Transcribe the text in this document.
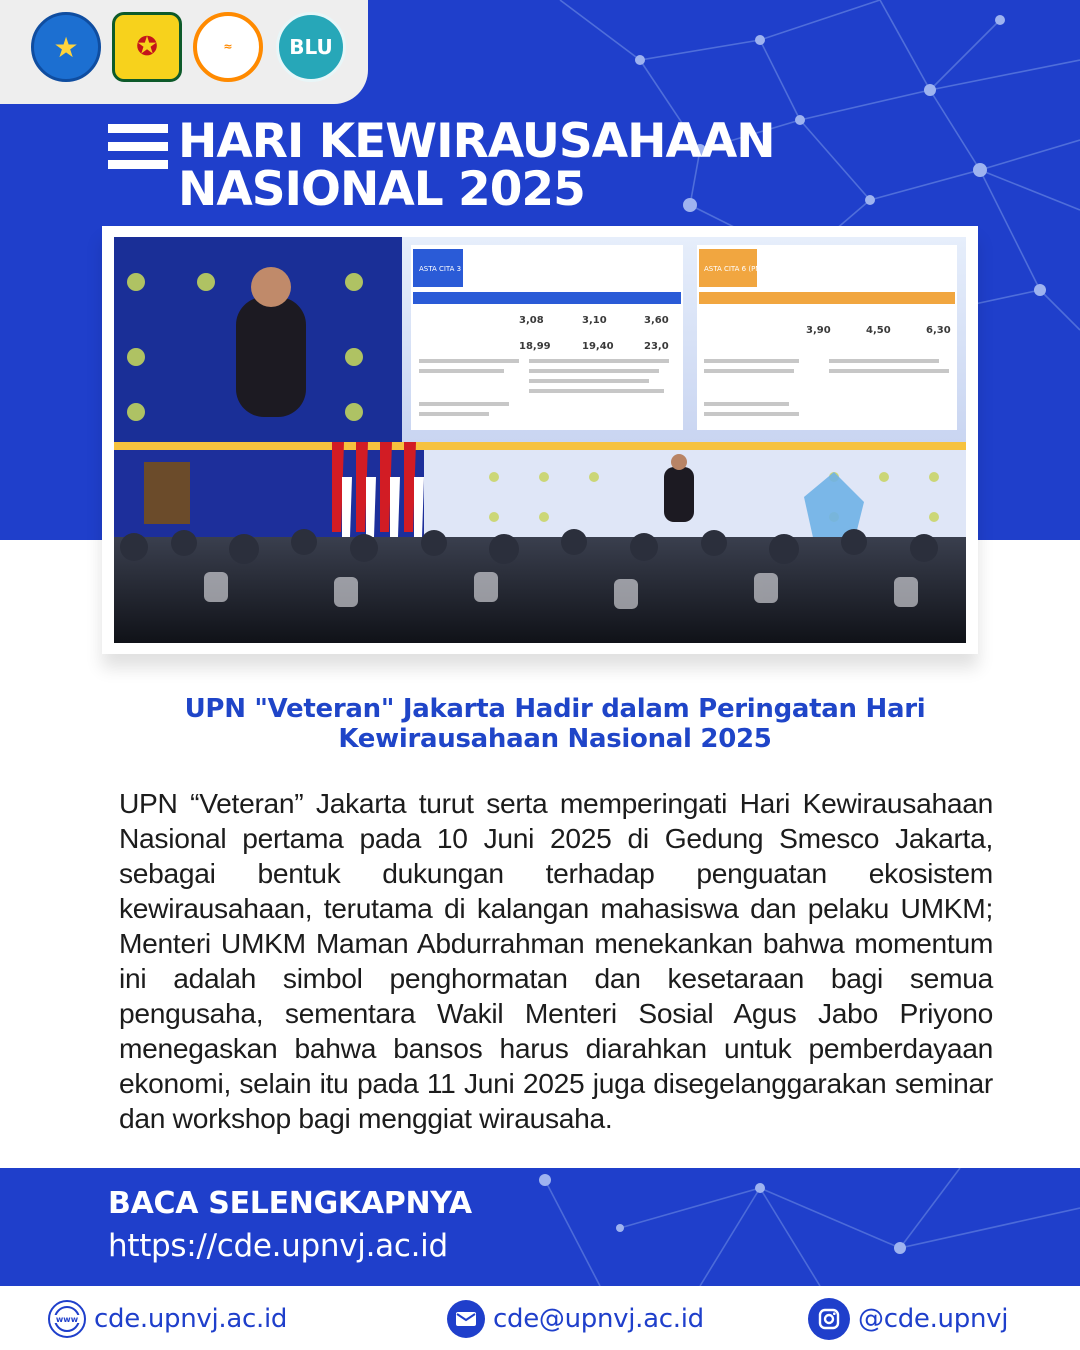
★	✪	≈	BLU
HARI KEWIRAUSAHAAN NASIONAL 2025
ASTA CITA 3 (PN 3)	ASTA CITA 6 (PN 6)
3,08	3,10	3,60
18,99	19,40	23,0
3,90	4,50	6,30
UPN "Veteran" Jakarta Hadir dalam Peringatan Hari Kewirausahaan Nasional 2025

UPN “Veteran” Jakarta turut serta memperingati Hari Kewirausahaan Nasional pertama pada 10 Juni 2025 di Gedung Smesco Jakarta, sebagai bentuk dukungan terhadap penguatan ekosistem kewirausahaan, terutama di kalangan mahasiswa dan pelaku UMKM; Menteri UMKM Maman Abdurrahman menekankan bahwa momentum ini adalah simbol penghormatan dan kesetaraan bagi semua pengusaha, sementara Wakil Menteri Sosial Agus Jabo Priyono menegaskan bahwa bansos harus diarahkan untuk pemberdayaan ekonomi, selain itu pada 11 Juni 2025 juga disegelanggarakan seminar dan workshop bagi menggiat wirausaha.

BACA SELENGKAPNYA
https://cde.upnvj.ac.id
www cde.upnvj.ac.id	cde@upnvj.ac.id	@cde.upnvj
